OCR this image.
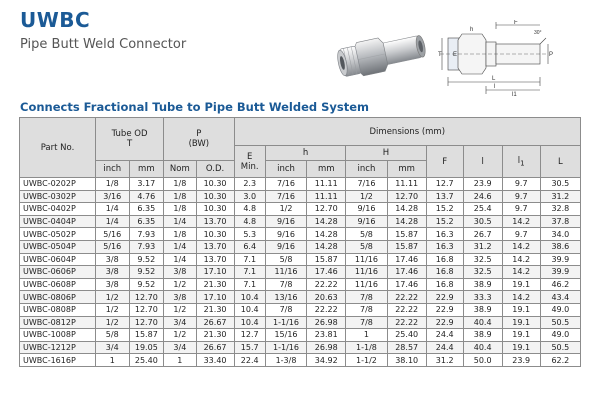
UWBC
Pipe Butt Weld Connector
T E	P
h
F
l
l1
L
30°
Connects Fractional Tube to Pipe Butt Welded System
Part No.	Tube OD
T		P
(BW)		Dimensions (mm)								
					E
Min.	h		H		F	l	$l_1$	L
	inch	mm	Nom	O.D.		inch	mm	inch	mm				
UWBC-0202P	1/8	3.17	1/8	10.30	2.3	7/16	11.11	7/16	11.11	12.7	23.9	9.7	30.5
UWBC-0302P	3/16	4.76	1/8	10.30	3.0	7/16	11.11	1/2	12.70	13.7	24.6	9.7	31.2
UWBC-0402P	1/4	6.35	1/8	10.30	4.8	1/2	12.70	9/16	14.28	15.2	25.4	9.7	32.8
UWBC-0404P	1/4	6.35	1/4	13.70	4.8	9/16	14.28	9/16	14.28	15.2	30.5	14.2	37.8
UWBC-0502P	5/16	7.93	1/8	10.30	5.3	9/16	14.28	5/8	15.87	16.3	26.7	9.7	34.0
UWBC-0504P	5/16	7.93	1/4	13.70	6.4	9/16	14.28	5/8	15.87	16.3	31.2	14.2	38.6
UWBC-0604P	3/8	9.52	1/4	13.70	7.1	5/8	15.87	11/16	17.46	16.8	32.5	14.2	39.9
UWBC-0606P	3/8	9.52	3/8	17.10	7.1	11/16	17.46	11/16	17.46	16.8	32.5	14.2	39.9
UWBC-0608P	3/8	9.52	1/2	21.30	7.1	7/8	22.22	11/16	17.46	16.8	38.9	19.1	46.2
UWBC-0806P	1/2	12.70	3/8	17.10	10.4	13/16	20.63	7/8	22.22	22.9	33.3	14.2	43.4
UWBC-0808P	1/2	12.70	1/2	21.30	10.4	7/8	22.22	7/8	22.22	22.9	38.9	19.1	49.0
UWBC-0812P	1/2	12.70	3/4	26.67	10.4	1-1/16	26.98	7/8	22.22	22.9	40.4	19.1	50.5
UWBC-1008P	5/8	15.87	1/2	21.30	12.7	15/16	23.81	1	25.40	24.4	38.9	19.1	49.0
UWBC-1212P	3/4	19.05	3/4	26.67	15.7	1-1/16	26.98	1-1/8	28.57	24.4	40.4	19.1	50.5
UWBC-1616P	1	25.40	1	33.40	22.4	1-3/8	34.92	1-1/2	38.10	31.2	50.0	23.9	62.2
